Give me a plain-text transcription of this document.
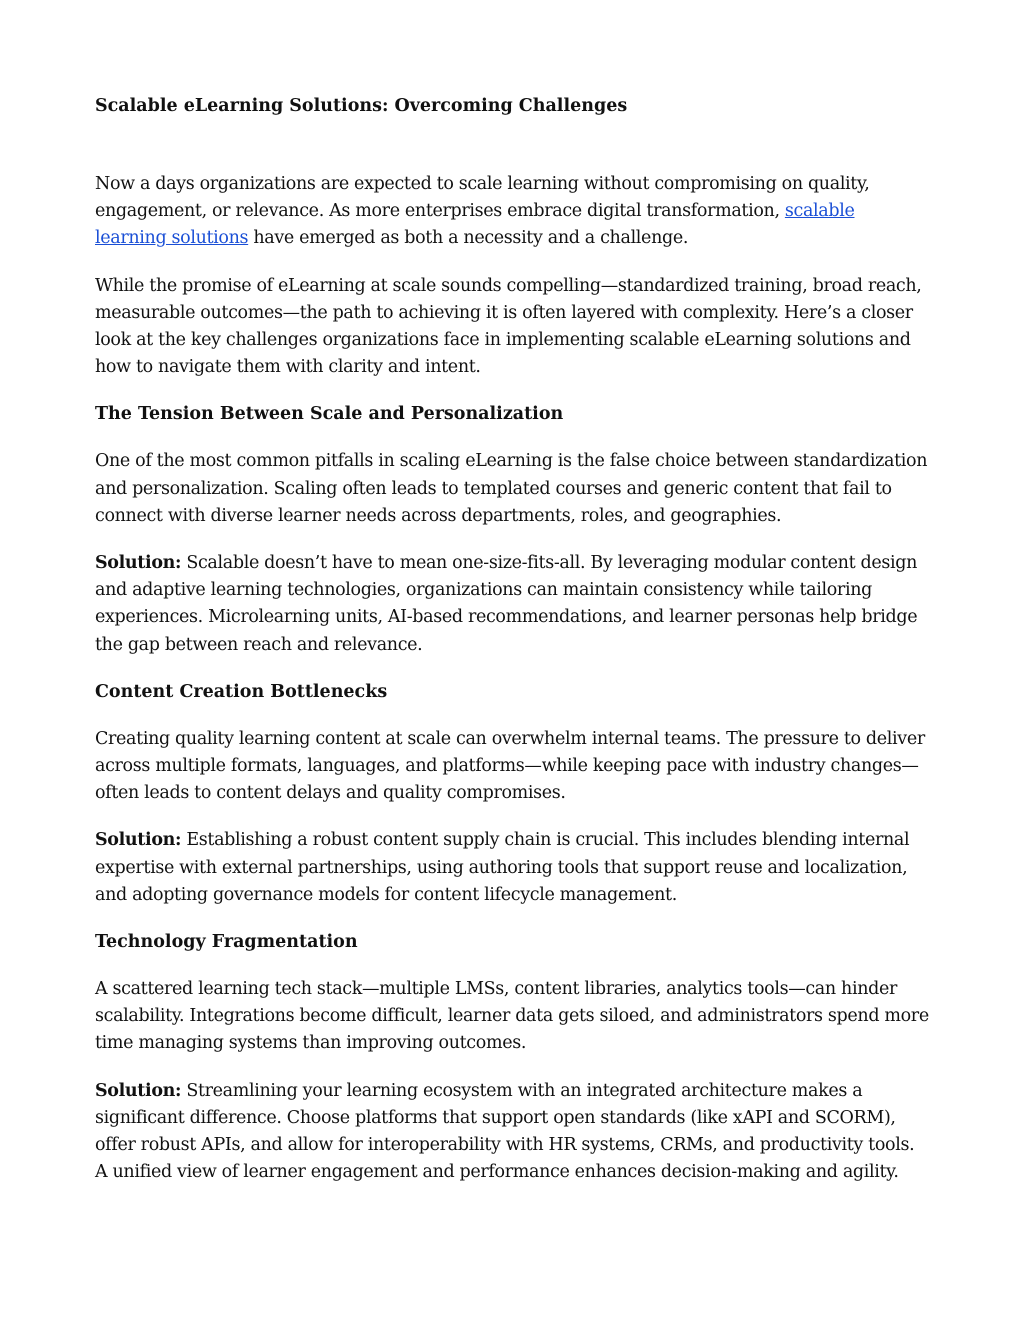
Scalable eLearning Solutions: Overcoming Challenges

Now a days organizations are expected to scale learning without compromising on quality, engagement, or relevance. As more enterprises embrace digital transformation, scalable learning solutions have emerged as both a necessity and a challenge.

While the promise of eLearning at scale sounds compelling—standardized training, broad reach, measurable outcomes—the path to achieving it is often layered with complexity. Here’s a closer look at the key challenges organizations face in implementing scalable eLearning solutions and how to navigate them with clarity and intent.

The Tension Between Scale and Personalization

One of the most common pitfalls in scaling eLearning is the false choice between standardization and personalization. Scaling often leads to templated courses and generic content that fail to connect with diverse learner needs across departments, roles, and geographies.

Solution: Scalable doesn’t have to mean one-size-fits-all. By leveraging modular content design and adaptive learning technologies, organizations can maintain consistency while tailoring experiences. Microlearning units, AI-based recommendations, and learner personas help bridge the gap between reach and relevance.

Content Creation Bottlenecks

Creating quality learning content at scale can overwhelm internal teams. The pressure to deliver across multiple formats, languages, and platforms—while keeping pace with industry changes—often leads to content delays and quality compromises.

Solution: Establishing a robust content supply chain is crucial. This includes blending internal expertise with external partnerships, using authoring tools that support reuse and localization, and adopting governance models for content lifecycle management.

Technology Fragmentation

A scattered learning tech stack—multiple LMSs, content libraries, analytics tools—can hinder scalability. Integrations become difficult, learner data gets siloed, and administrators spend more time managing systems than improving outcomes.

Solution: Streamlining your learning ecosystem with an integrated architecture makes a significant difference. Choose platforms that support open standards (like xAPI and SCORM), offer robust APIs, and allow for interoperability with HR systems, CRMs, and productivity tools. A unified view of learner engagement and performance enhances decision-making and agility.
